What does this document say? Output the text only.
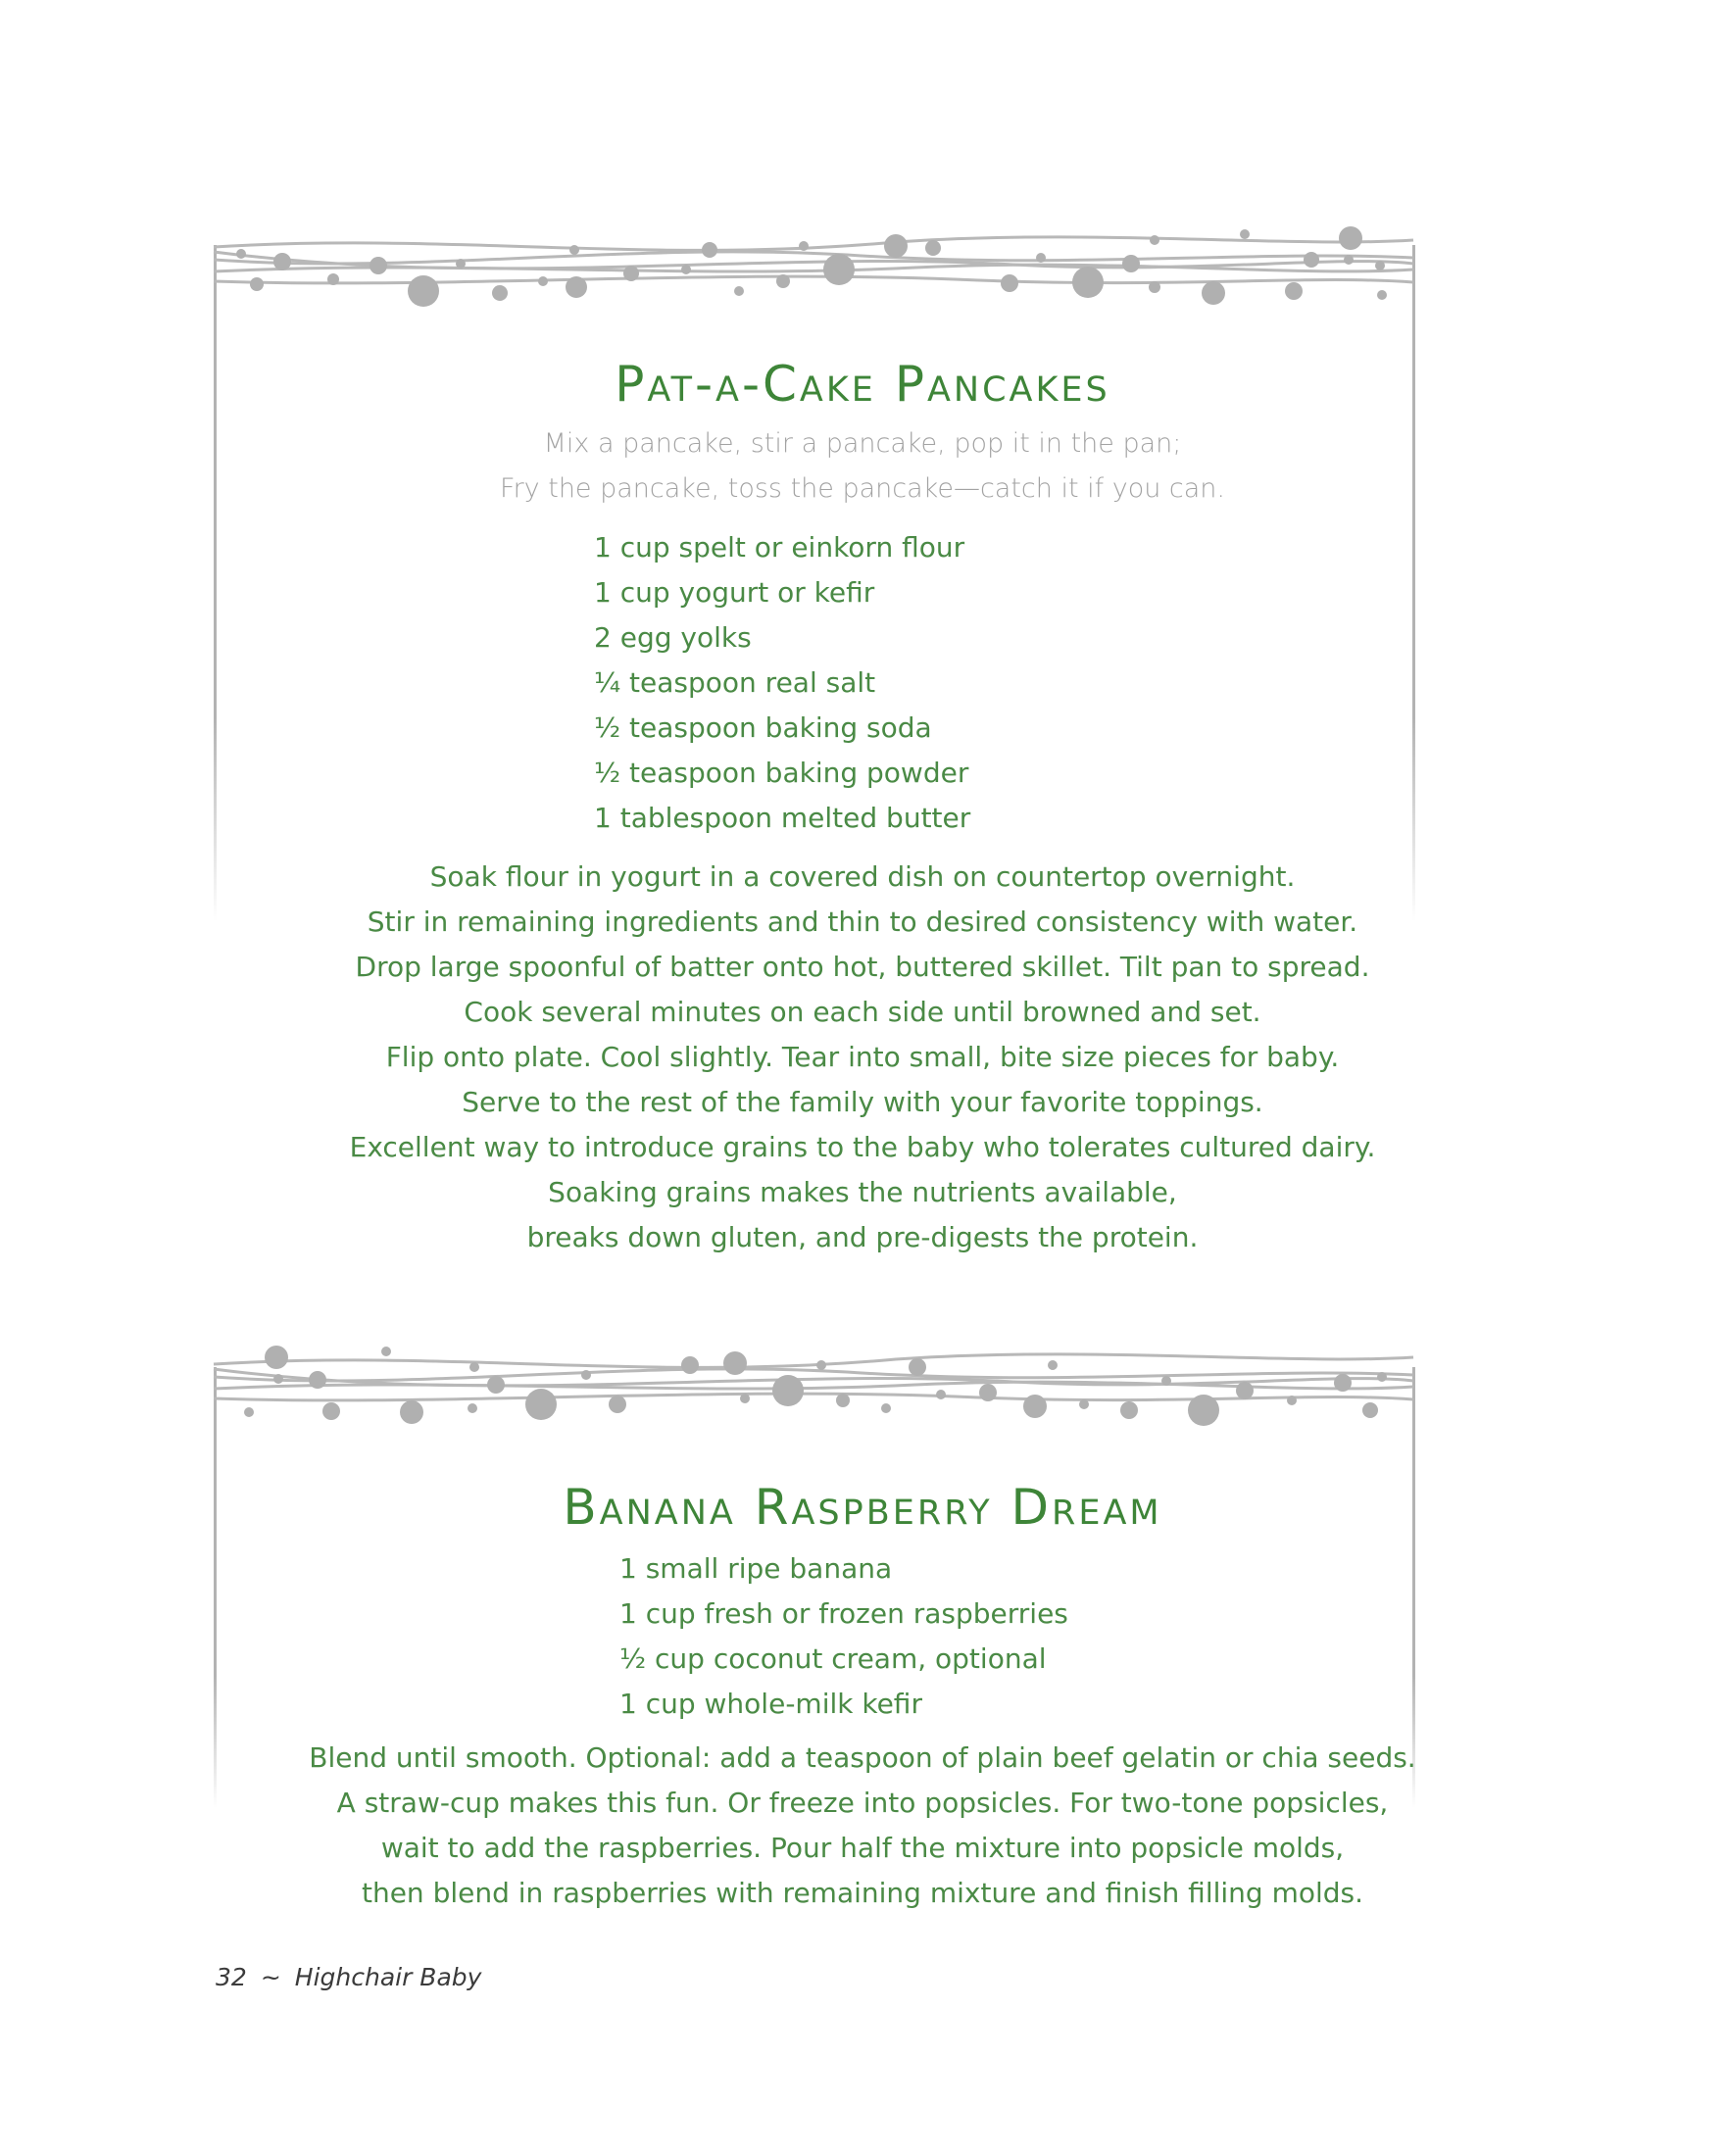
Pat-a-Cake Pancakes
Mix a pancake, stir a pancake, pop it in the pan;
Fry the pancake, toss the pancake—catch it if you can.
1 cup spelt or einkorn flour
1 cup yogurt or kefir
2 egg yolks
¼ teaspoon real salt
½ teaspoon baking soda
½ teaspoon baking powder
1 tablespoon melted butter
Soak flour in yogurt in a covered dish on countertop overnight.
Stir in remaining ingredients and thin to desired consistency with water.
Drop large spoonful of batter onto hot, buttered skillet. Tilt pan to spread.
Cook several minutes on each side until browned and set.
Flip onto plate. Cool slightly. Tear into small, bite size pieces for baby.
Serve to the rest of the family with your favorite toppings.
Excellent way to introduce grains to the baby who tolerates cultured dairy.
Soaking grains makes the nutrients available,
breaks down gluten, and pre-digests the protein.
Banana Raspberry Dream
1 small ripe banana
1 cup fresh or frozen raspberries
½ cup coconut cream, optional
1 cup whole-milk kefir
Blend until smooth. Optional: add a teaspoon of plain beef gelatin or chia seeds.
A straw-cup makes this fun. Or freeze into popsicles. For two-tone popsicles,
wait to add the raspberries. Pour half the mixture into popsicle molds,
then blend in raspberries with remaining mixture and finish filling molds.
32 ~ Highchair Baby
